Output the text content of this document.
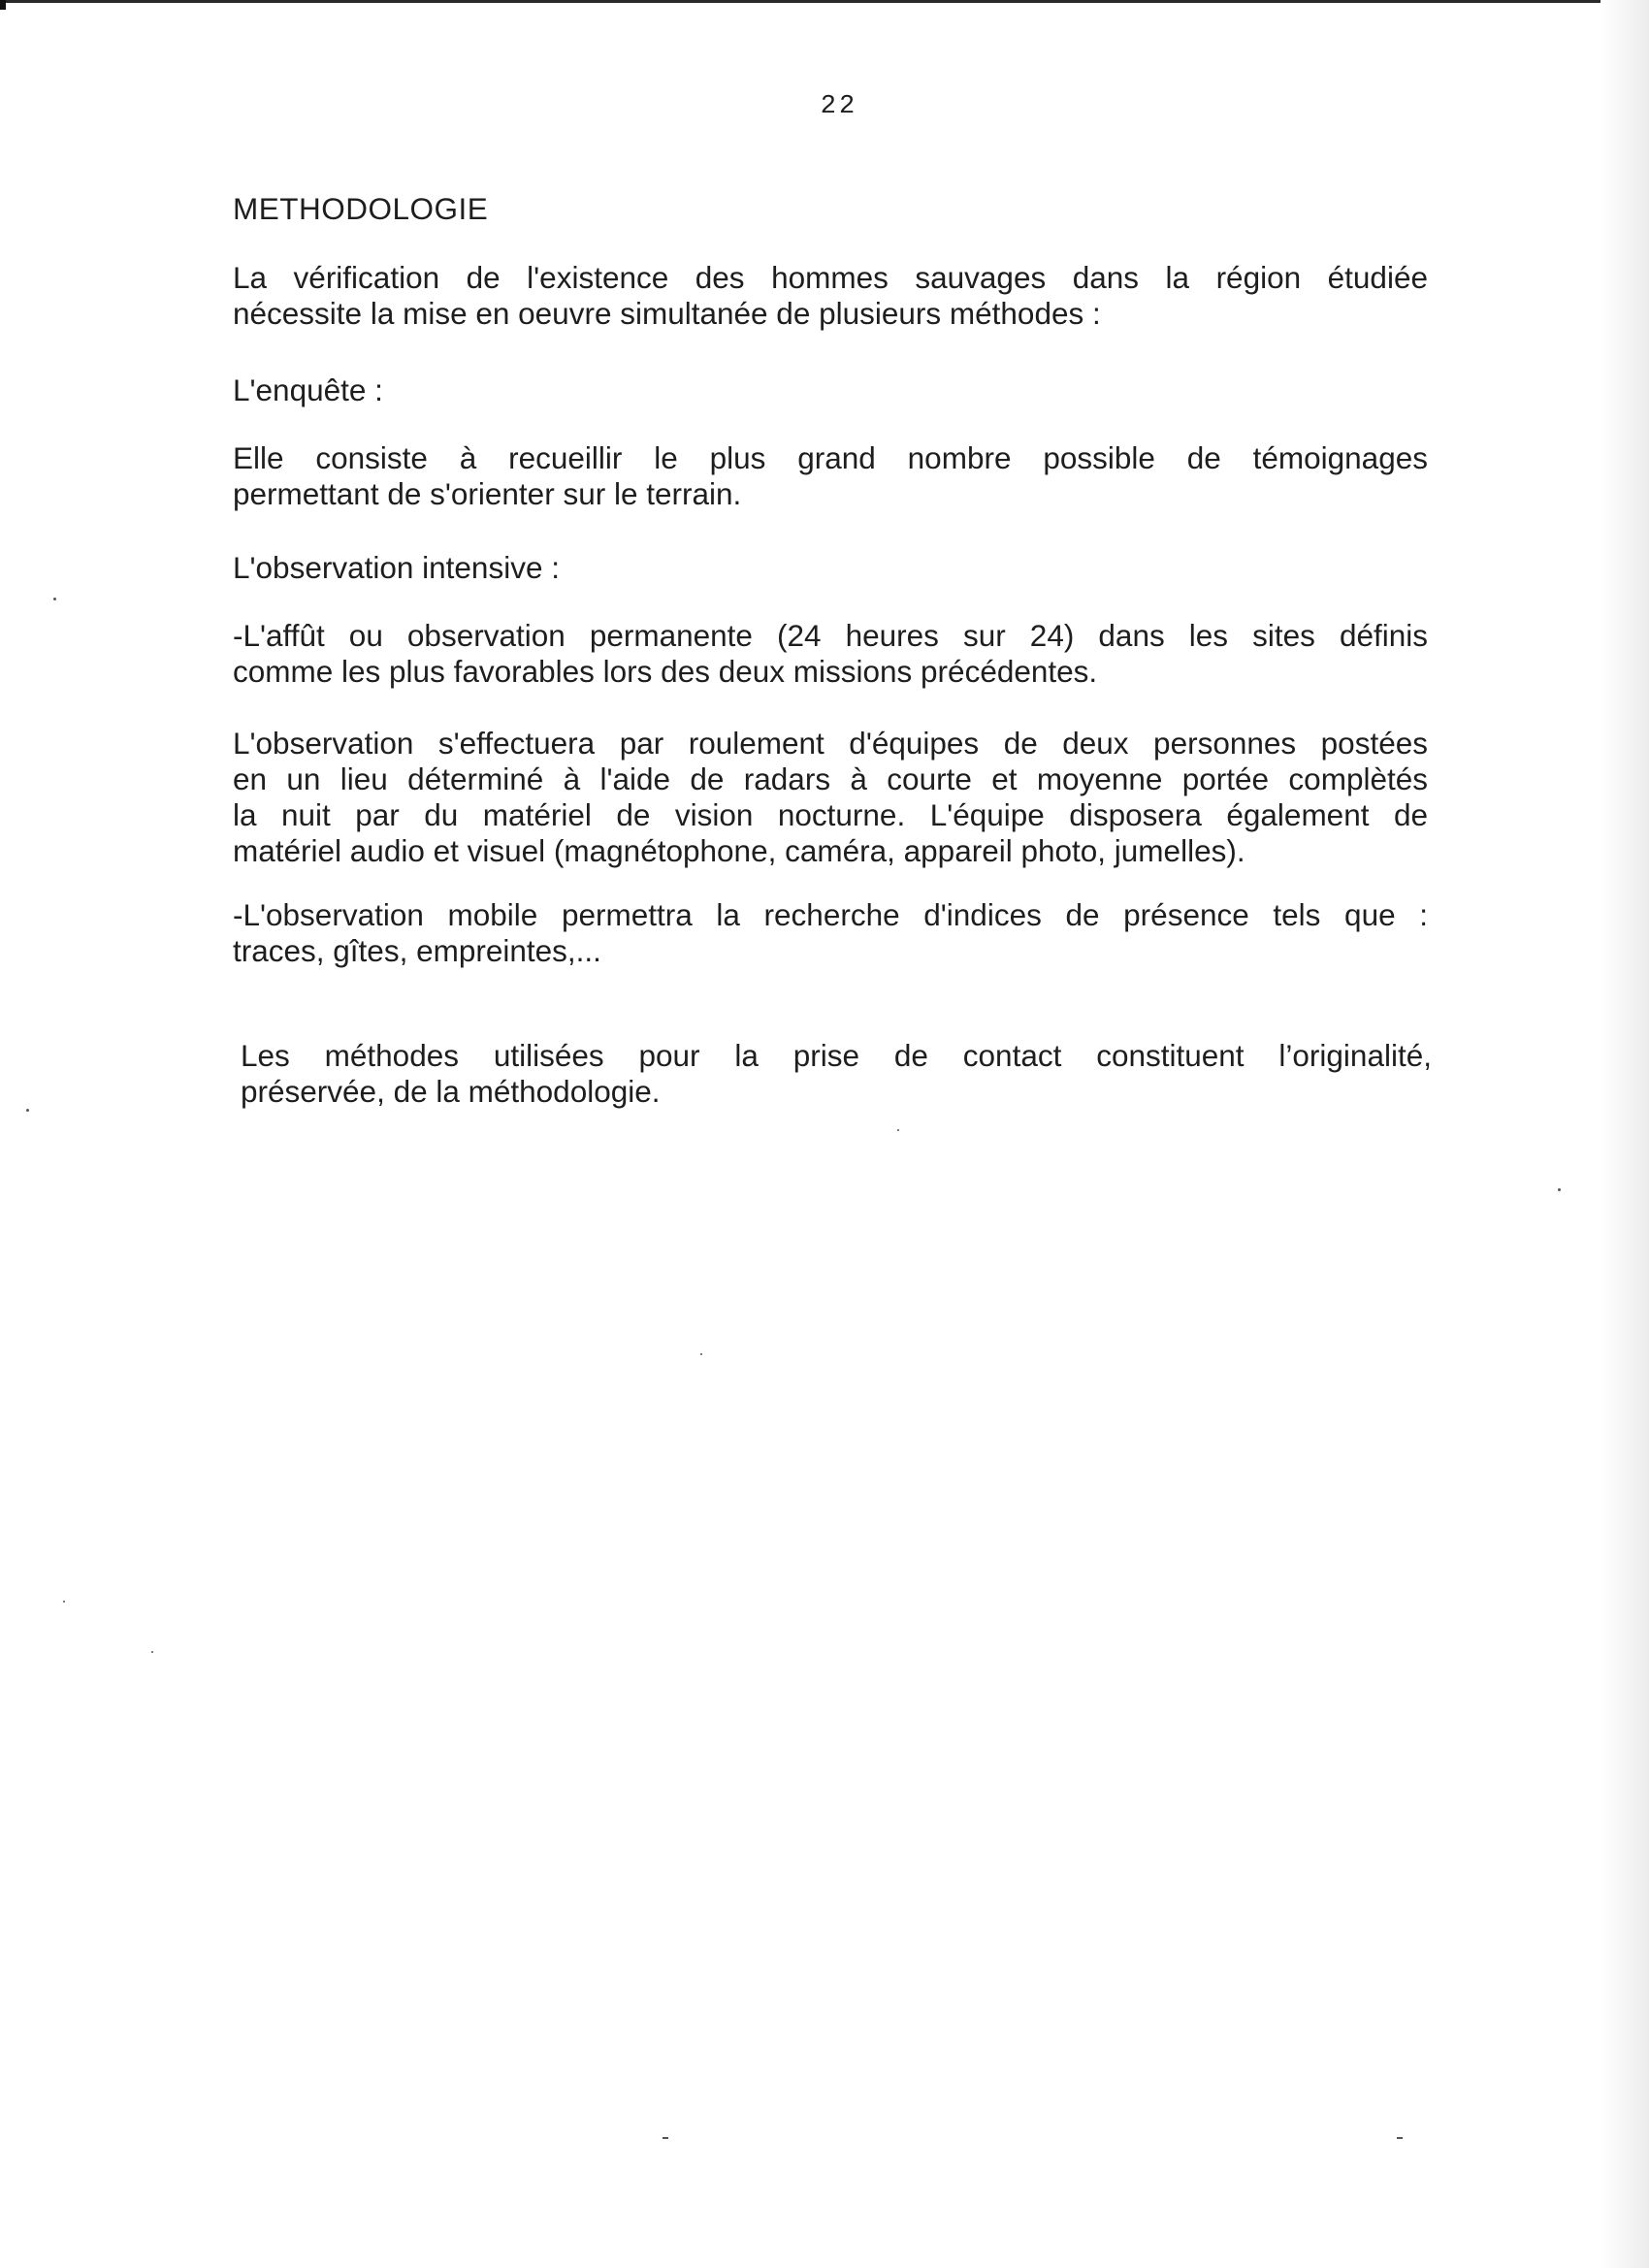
22
METHODOLOGIE
La vérification de l'existence des hommes sauvages dans la région étudiée
nécessite la mise en oeuvre simultanée de plusieurs méthodes :
L'enquête :
Elle consiste à recueillir le plus grand nombre possible de témoignages
permettant de s'orienter sur le terrain.
L'observation intensive :
-L'affût ou observation permanente (24 heures sur 24) dans les sites définis
comme les plus favorables lors des deux missions précédentes.
L'observation s'effectuera par roulement d'équipes de deux personnes postées
en un lieu déterminé à l'aide de radars à courte et moyenne portée complètés
la nuit par du matériel de vision nocturne. L'équipe disposera également de
matériel audio et visuel (magnétophone, caméra, appareil photo, jumelles).
-L'observation mobile permettra la recherche d'indices de présence tels que :
traces, gîtes, empreintes,...
Les méthodes utilisées pour la prise de contact constituent l’originalité,
préservée, de la méthodologie.
